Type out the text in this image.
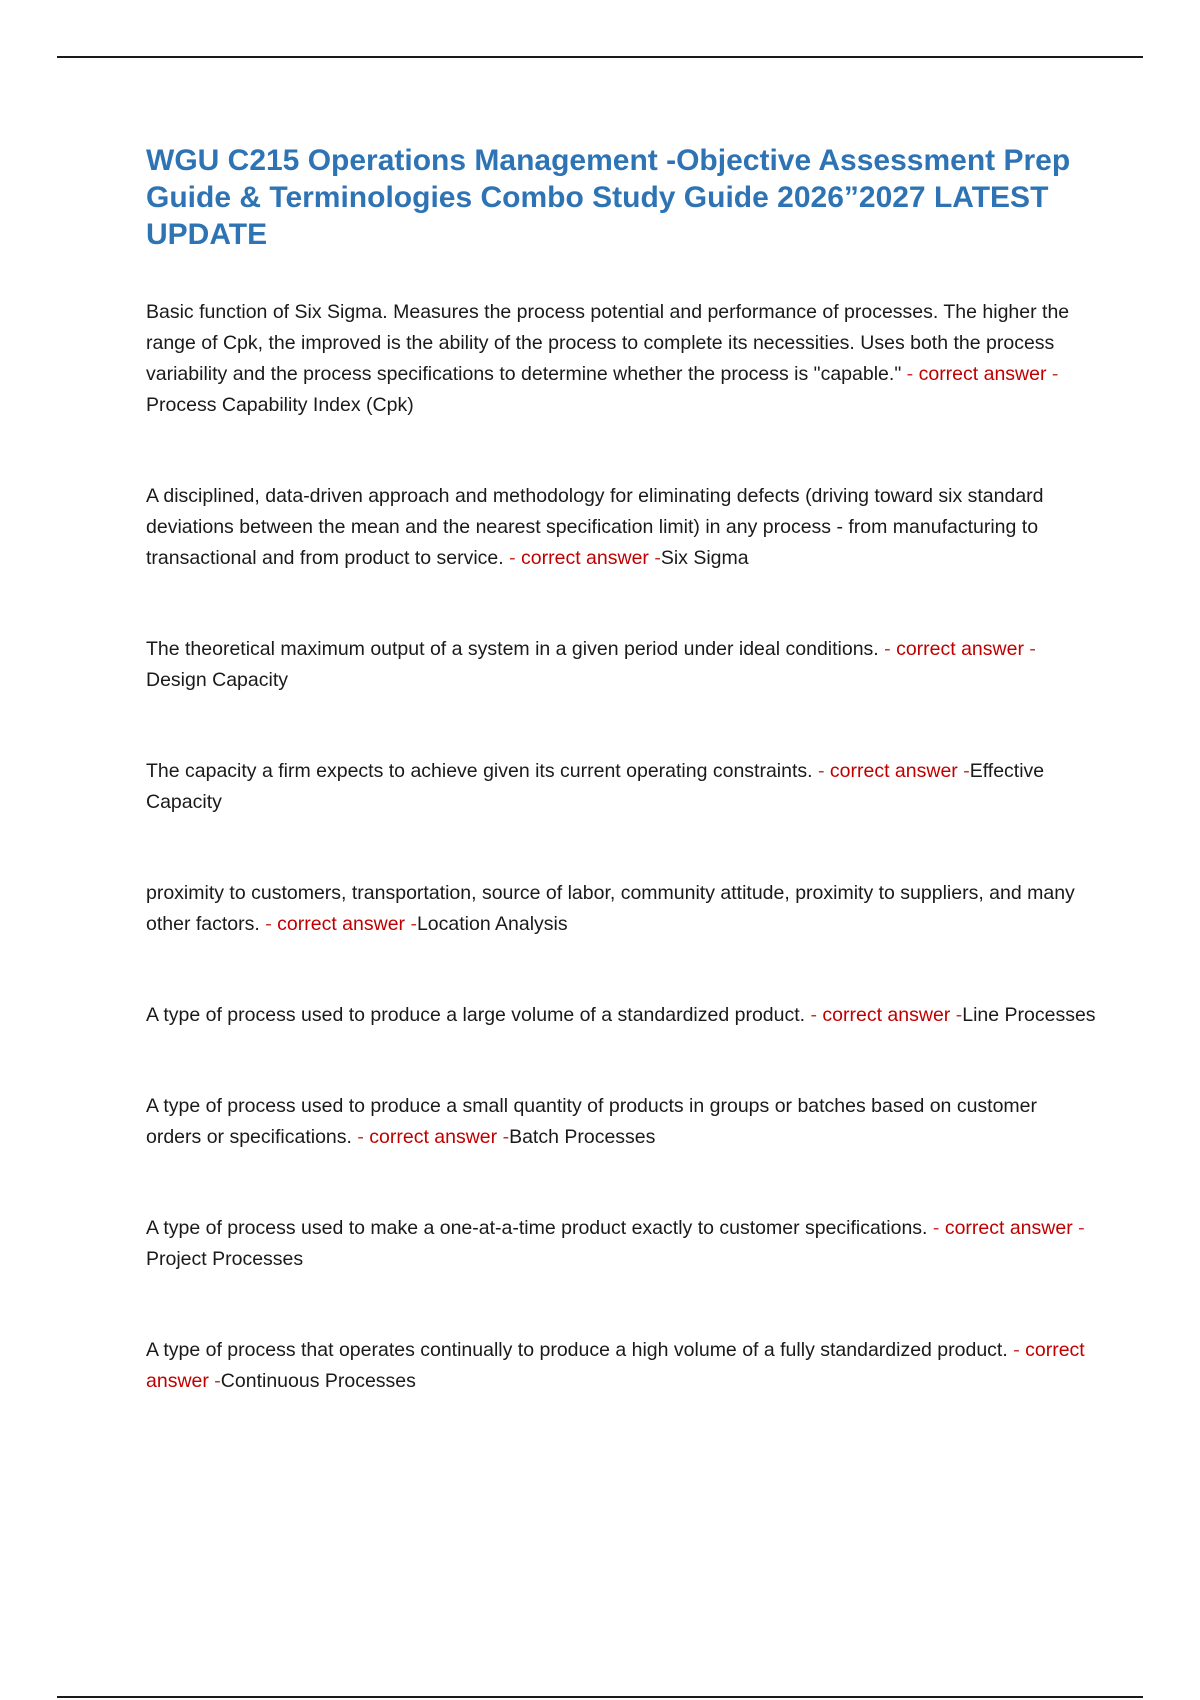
WGU C215 Operations Management -Objective Assessment Prep Guide & Terminologies Combo Study Guide 2026”2027 LATEST UPDATE

Basic function of Six Sigma. Measures the process potential and performance of processes. The higher the range of Cpk, the improved is the ability of the process to complete its necessities. Uses both the process variability and the process specifications to determine whether the process is "capable." - correct answer -Process Capability Index (Cpk)

A disciplined, data-driven approach and methodology for eliminating defects (driving toward six standard deviations between the mean and the nearest specification limit) in any process - from manufacturing to transactional and from product to service. - correct answer -Six Sigma

The theoretical maximum output of a system in a given period under ideal conditions. - correct answer -Design Capacity

The capacity a firm expects to achieve given its current operating constraints. - correct answer -Effective Capacity

proximity to customers, transportation, source of labor, community attitude, proximity to suppliers, and many other factors. - correct answer -Location Analysis

A type of process used to produce a large volume of a standardized product. - correct answer -Line Processes

A type of process used to produce a small quantity of products in groups or batches based on customer orders or specifications. - correct answer -Batch Processes

A type of process used to make a one-at-a-time product exactly to customer specifications. - correct answer -Project Processes

A type of process that operates continually to produce a high volume of a fully standardized product. - correct answer -Continuous Processes
